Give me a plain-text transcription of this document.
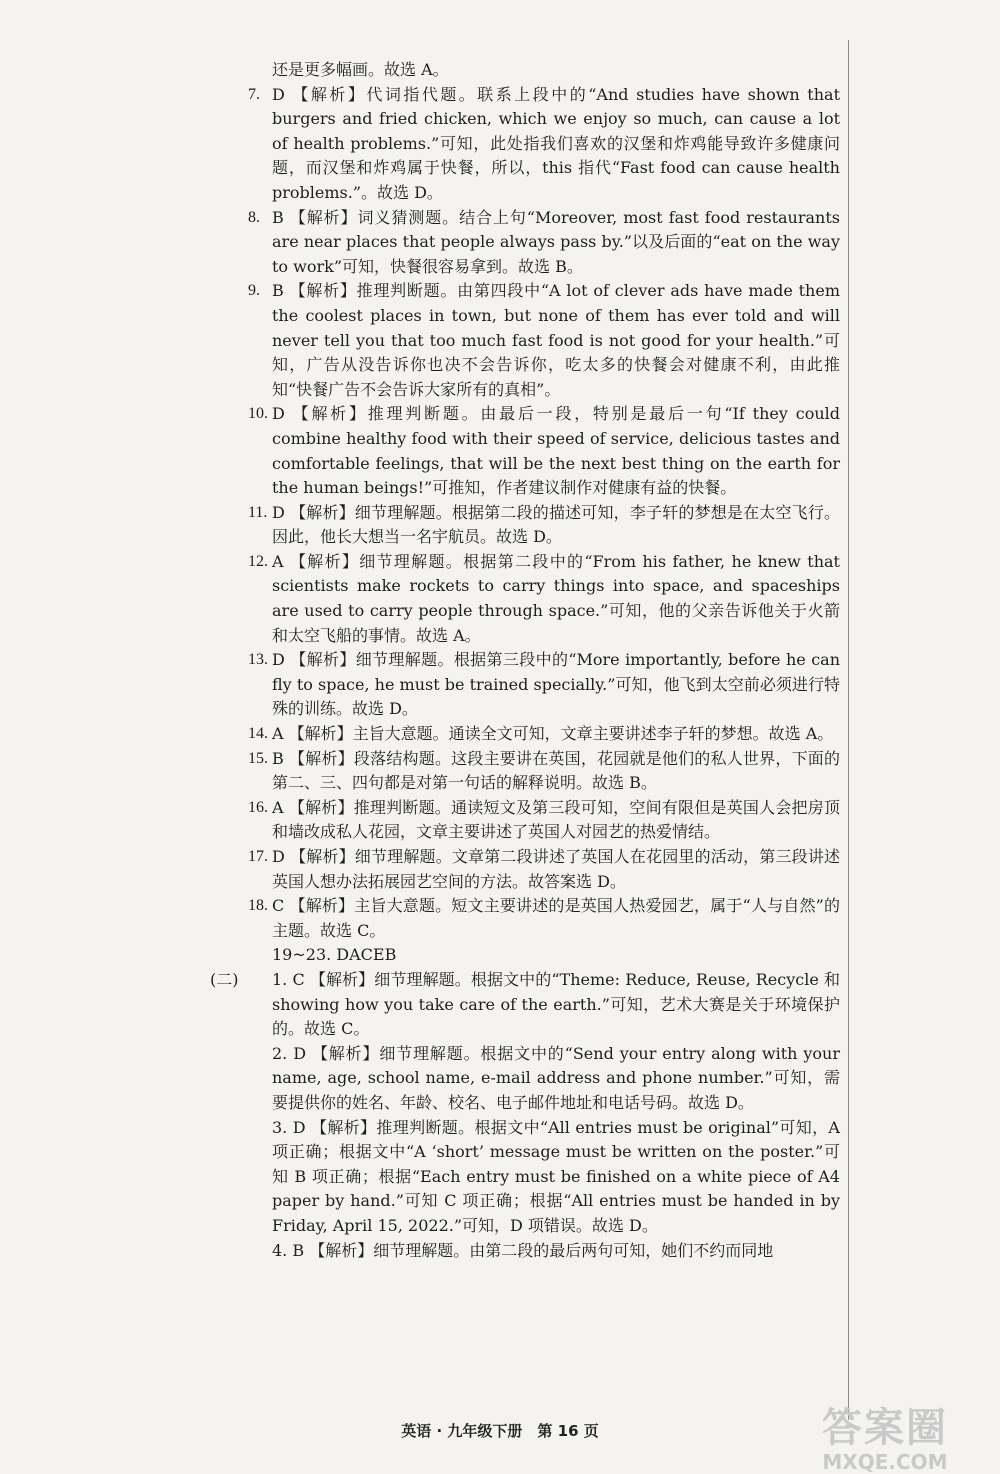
还是更多幅画。故选 A。
7. D 【解析】代词指代题。联系上段中的“And studies have shown that burgers and fried chicken, which we enjoy so much, can cause a lot of health problems.”可知，此处指我们喜欢的汉堡和炸鸡能导致许多健康问题，而汉堡和炸鸡属于快餐，所以，this 指代“Fast food can cause health problems.”。故选 D。
8. B 【解析】词义猜测题。结合上句“Moreover, most fast food restaurants are near places that people always pass by.”以及后面的“eat on the way to work”可知，快餐很容易拿到。故选 B。
9. B 【解析】推理判断题。由第四段中“A lot of clever ads have made them the coolest places in town, but none of them has ever told and will never tell you that too much fast food is not good for your health.”可知，广告从没告诉你也决不会告诉你，吃太多的快餐会对健康不利，由此推知“快餐广告不会告诉大家所有的真相”。
10. D 【解析】推理判断题。由最后一段，特别是最后一句“If they could combine healthy food with their speed of service, delicious tastes and comfortable feelings, that will be the next best thing on the earth for the human beings!”可推知，作者建议制作对健康有益的快餐。
11. D 【解析】细节理解题。根据第二段的描述可知，李子轩的梦想是在太空飞行。因此，他长大想当一名宇航员。故选 D。
12. A 【解析】细节理解题。根据第二段中的“From his father, he knew that scientists make rockets to carry things into space, and spaceships are used to carry people through space.”可知，他的父亲告诉他关于火箭和太空飞船的事情。故选 A。
13. D 【解析】细节理解题。根据第三段中的“More importantly, before he can fly to space, he must be trained specially.”可知，他飞到太空前必须进行特殊的训练。故选 D。
14. A 【解析】主旨大意题。通读全文可知，文章主要讲述李子轩的梦想。故选 A。
15. B 【解析】段落结构题。这段主要讲在英国，花园就是他们的私人世界，下面的第二、三、四句都是对第一句话的解释说明。故选 B。
16. A 【解析】推理判断题。通读短文及第三段可知，空间有限但是英国人会把房顶和墙改成私人花园，文章主要讲述了英国人对园艺的热爱情结。
17. D 【解析】细节理解题。文章第二段讲述了英国人在花园里的活动，第三段讲述英国人想办法拓展园艺空间的方法。故答案选 D。
18. C 【解析】主旨大意题。短文主要讲述的是英国人热爱园艺，属于“人与自然”的主题。故选 C。
19~23. DACEB
(二) 1. C 【解析】细节理解题。根据文中的“Theme: Reduce, Reuse, Recycle 和 showing how you take care of the earth.”可知，艺术大赛是关于环境保护的。故选 C。
2. D 【解析】细节理解题。根据文中的“Send your entry along with your name, age, school name, e-mail address and phone number.”可知，需要提供你的姓名、年龄、校名、电子邮件地址和电话号码。故选 D。
3. D 【解析】推理判断题。根据文中“All entries must be original”可知，A 项正确；根据文中“A ‘short’ message must be written on the poster.”可知 B 项正确；根据“Each entry must be finished on a white piece of A4 paper by hand.”可知 C 项正确；根据“All entries must be handed in by Friday, April 15, 2022.”可知，D 项错误。故选 D。
4. B 【解析】细节理解题。由第二段的最后两句可知，她们不约而同地
英语 · 九年级下册　第 16 页	答案圈
MXQE.COM
